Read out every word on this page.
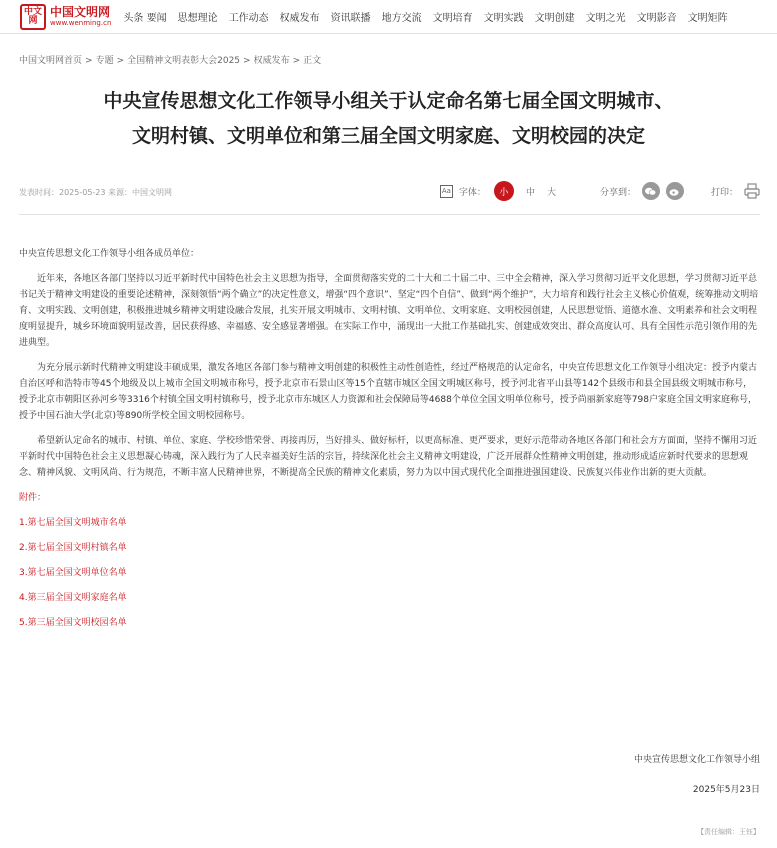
中文
网
中国文明网
www.wenming.cn 头条 要闻 思想理论 工作动态 权威发布 资讯联播 地方交流 文明培育 文明实践 文明创建 文明之光 文明影音 文明矩阵
中国文明网首页 > 专题 > 全国精神文明表彰大会2025 > 权威发布 > 正文
中央宣传思想文化工作领导小组关于认定命名第七届全国文明城市、
文明村镇、文明单位和第三届全国文明家庭、文明校园的决定
发表时间：2025-05-23 来源：中国文明网	Aa 字体：	小	中 大	分享到：	打印：

中央宣传思想文化工作领导小组各成员单位：

近年来，各地区各部门坚持以习近平新时代中国特色社会主义思想为指导，全面贯彻落实党的二十大和二十届二中、三中全会精神，深入学习贯彻习近平文化思想，学习贯彻习近平总书记关于精神文明建设的重要论述精神，深刻领悟“两个确立”的决定性意义，增强“四个意识”、坚定“四个自信”、做到“两个维护”，大力培育和践行社会主义核心价值观，统筹推动文明培育、文明实践、文明创建，积极推进城乡精神文明建设融合发展，扎实开展文明城市、文明村镇、文明单位、文明家庭、文明校园创建，人民思想觉悟、道德水准、文明素养和社会文明程度明显提升，城乡环境面貌明显改善，居民获得感、幸福感、安全感显著增强。在实际工作中，涌现出一大批工作基础扎实、创建成效突出、群众高度认可、具有全国性示范引领作用的先进典型。

为充分展示新时代精神文明建设丰硕成果，激发各地区各部门参与精神文明创建的积极性主动性创造性，经过严格规范的认定命名，中央宣传思想文化工作领导小组决定：授予内蒙古自治区呼和浩特市等45个地级及以上城市全国文明城市称号，授予北京市石景山区等15个直辖市城区全国文明城区称号，授予河北省平山县等142个县级市和县全国县级文明城市称号，授予北京市朝阳区孙河乡等3316个村镇全国文明村镇称号，授予北京市东城区人力资源和社会保障局等4688个单位全国文明单位称号，授予尚丽新家庭等798户家庭全国文明家庭称号，授予中国石油大学(北京)等890所学校全国文明校园称号。

希望新认定命名的城市、村镇、单位、家庭、学校珍惜荣誉、再接再厉，当好排头、做好标杆，以更高标准、更严要求，更好示范带动各地区各部门和社会方方面面，坚持不懈用习近平新时代中国特色社会主义思想凝心铸魂，深入践行为了人民幸福美好生活的宗旨，持续深化社会主义精神文明建设，广泛开展群众性精神文明创建，推动形成适应新时代要求的思想观念、精神风貌、文明风尚、行为规范，不断丰富人民精神世界，不断提高全民族的精神文化素质，努力为以中国式现代化全面推进强国建设、民族复兴伟业作出新的更大贡献。

附件：

1.第七届全国文明城市名单

2.第七届全国文明村镇名单

3.第七届全国文明单位名单

4.第三届全国文明家庭名单

5.第三届全国文明校园名单

中央宣传思想文化工作领导小组
2025年5月23日
【责任编辑：王钰】
